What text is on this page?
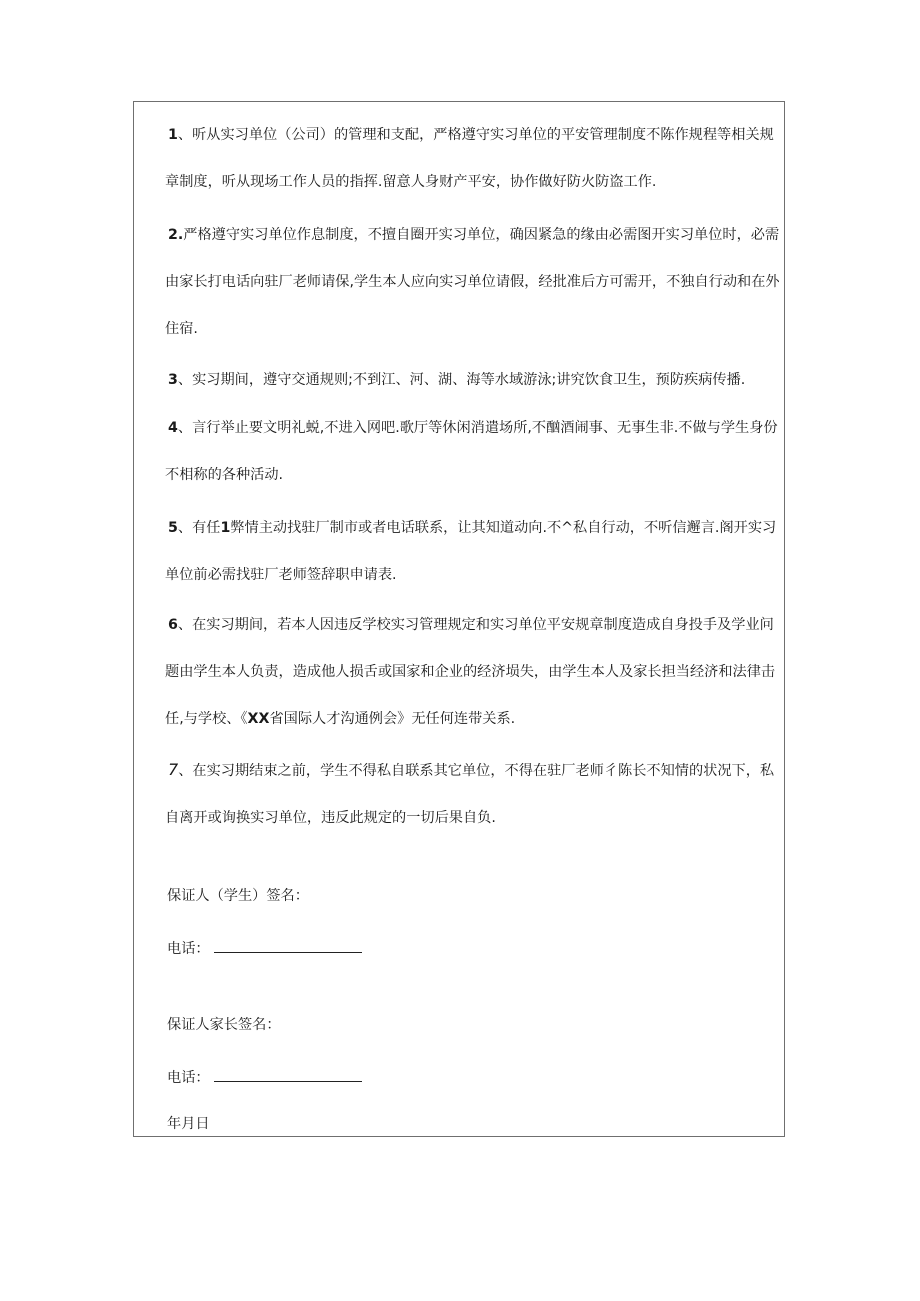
1、听从实习单位（公司）的管理和支配，严格遵守实习单位的平安管理制度不陈作规程等相关规章制度，听从现场工作人员的指挥.留意人身财产平安，协作做好防火防盗工作.

2.严格遵守实习单位作息制度，不擅自圈开实习单位，确因紧急的缘由必需图开实习单位时，必需由家长打电话向驻厂老师请保,学生本人应向实习单位请假，经批准后方可需开，不独自行动和在外住宿.

3、实习期间，遵守交通规则;不到江、河、湖、海等水域游泳;讲究饮食卫生，预防疾病传播.

4、言行举止要文明礼蜕,不进入网吧.歌厅等休闲消遣场所,不酗酒闹事、无事生非.不做与学生身份不相称的各种活动.

5、有任1弊情主动找驻厂制市或者电话联系，让其知道动向.不^私自行动，不听信邂言.阁开实习单位前必需找驻厂老师签辞职申请表.

6、在实习期间，若本人因违反学校实习管理规定和实习单位平安规章制度造成自身投手及学业问题由学生本人负责，造成他人损舌或国家和企业的经济埙失，由学生本人及家长担当经济和法律击任,与学校、《XX省国际人才沟通例会》无任何连带关系.

7、在实习期结束之前，学生不得私自联系其它单位，不得在驻厂老师彳陈长不知情的状况下，私自离开或询换实习单位，违反此规定的一切后果自负.

保证人（学生）签名：

电话：

保证人家长签名：

电话：

年月日
